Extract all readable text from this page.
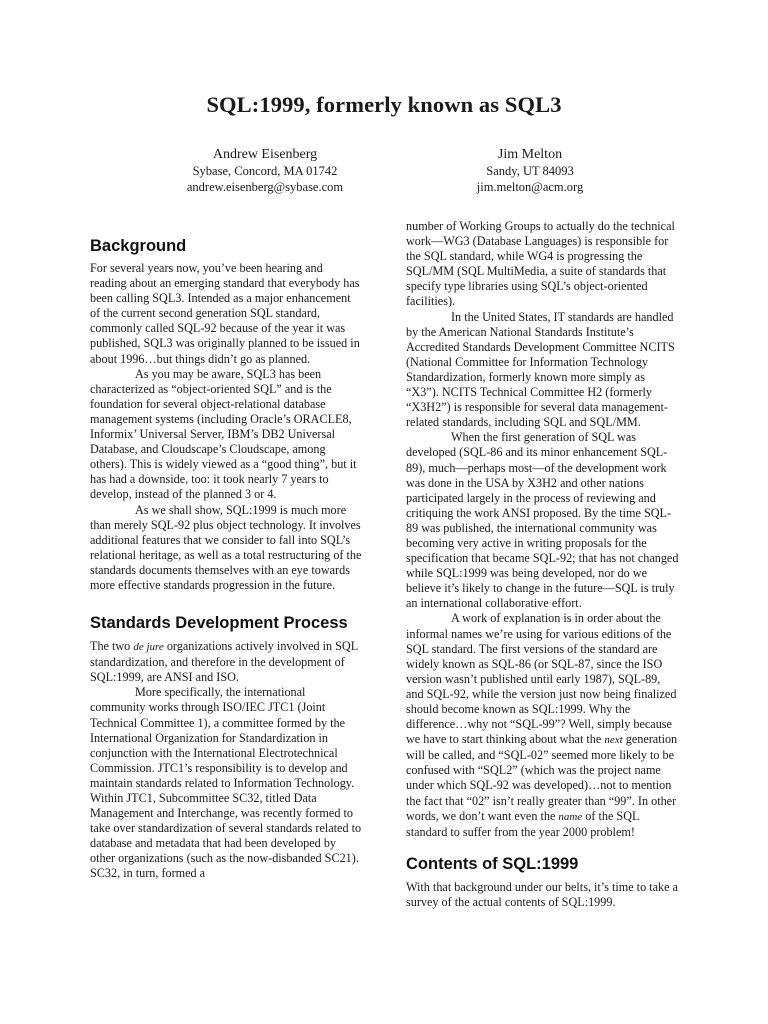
SQL:1999, formerly known as SQL3
Andrew Eisenberg
Sybase, Concord, MA 01742
andrew.eisenberg@sybase.com
Jim Melton
Sandy, UT 84093
jim.melton@acm.org
Background

For several years now, you’ve been hearing and reading about an emerging standard that everybody has been calling SQL3. Intended as a major enhancement of the current second generation SQL standard, commonly called SQL-92 because of the year it was published, SQL3 was originally planned to be issued in about 1996…but things didn’t go as planned.

As you may be aware, SQL3 has been characterized as “object-oriented SQL” and is the foundation for several object-relational database management systems (including Oracle’s ORACLE8, Informix’ Universal Server, IBM’s DB2 Universal Database, and Cloudscape’s Cloudscape, among others). This is widely viewed as a “good thing”, but it has had a downside, too: it took nearly 7 years to develop, instead of the planned 3 or 4.

As we shall show, SQL:1999 is much more than merely SQL-92 plus object technology. It involves additional features that we consider to fall into SQL’s relational heritage, as well as a total restructuring of the standards documents themselves with an eye towards more effective standards progression in the future.

Standards Development Process

The two de jure organizations actively involved in SQL standardization, and therefore in the development of SQL:1999, are ANSI and ISO.

More specifically, the international community works through ISO/IEC JTC1 (Joint Technical Committee 1), a committee formed by the International Organization for Standardization in conjunction with the International Electrotechnical Commission. JTC1’s responsibility is to develop and maintain standards related to Information Technology. Within JTC1, Subcommittee SC32, titled Data Management and Interchange, was recently formed to take over standardization of several standards related to database and metadata that had been developed by other organizations (such as the now-disbanded SC21). SC32, in turn, formed a

number of Working Groups to actually do the technical work—WG3 (Database Languages) is responsible for the SQL standard, while WG4 is progressing the SQL/MM (SQL MultiMedia, a suite of standards that specify type libraries using SQL’s object-oriented facilities).

In the United States, IT standards are handled by the American National Standards Institute’s Accredited Standards Development Committee NCITS (National Committee for Information Technology Standardization, formerly known more simply as “X3”). NCITS Technical Committee H2 (formerly “X3H2”) is responsible for several data management-related standards, including SQL and SQL/MM.

When the first generation of SQL was developed (SQL-86 and its minor enhancement SQL-89), much—perhaps most—of the development work was done in the USA by X3H2 and other nations participated largely in the process of reviewing and critiquing the work ANSI proposed. By the time SQL-89 was published, the international community was becoming very active in writing proposals for the specification that became SQL-92; that has not changed while SQL:1999 was being developed, nor do we believe it’s likely to change in the future—SQL is truly an international collaborative effort.

A work of explanation is in order about the informal names we’re using for various editions of the SQL standard. The first versions of the standard are widely known as SQL-86 (or SQL-87, since the ISO version wasn’t published until early 1987), SQL-89, and SQL-92, while the version just now being finalized should become known as SQL:1999. Why the difference…why not “SQL-99”? Well, simply because we have to start thinking about what the next generation will be called, and “SQL-02” seemed more likely to be confused with “SQL2” (which was the project name under which SQL-92 was developed)…not to mention the fact that “02” isn’t really greater than “99”. In other words, we don’t want even the name of the SQL standard to suffer from the year 2000 problem!

Contents of SQL:1999

With that background under our belts, it’s time to take a survey of the actual contents of SQL:1999.
